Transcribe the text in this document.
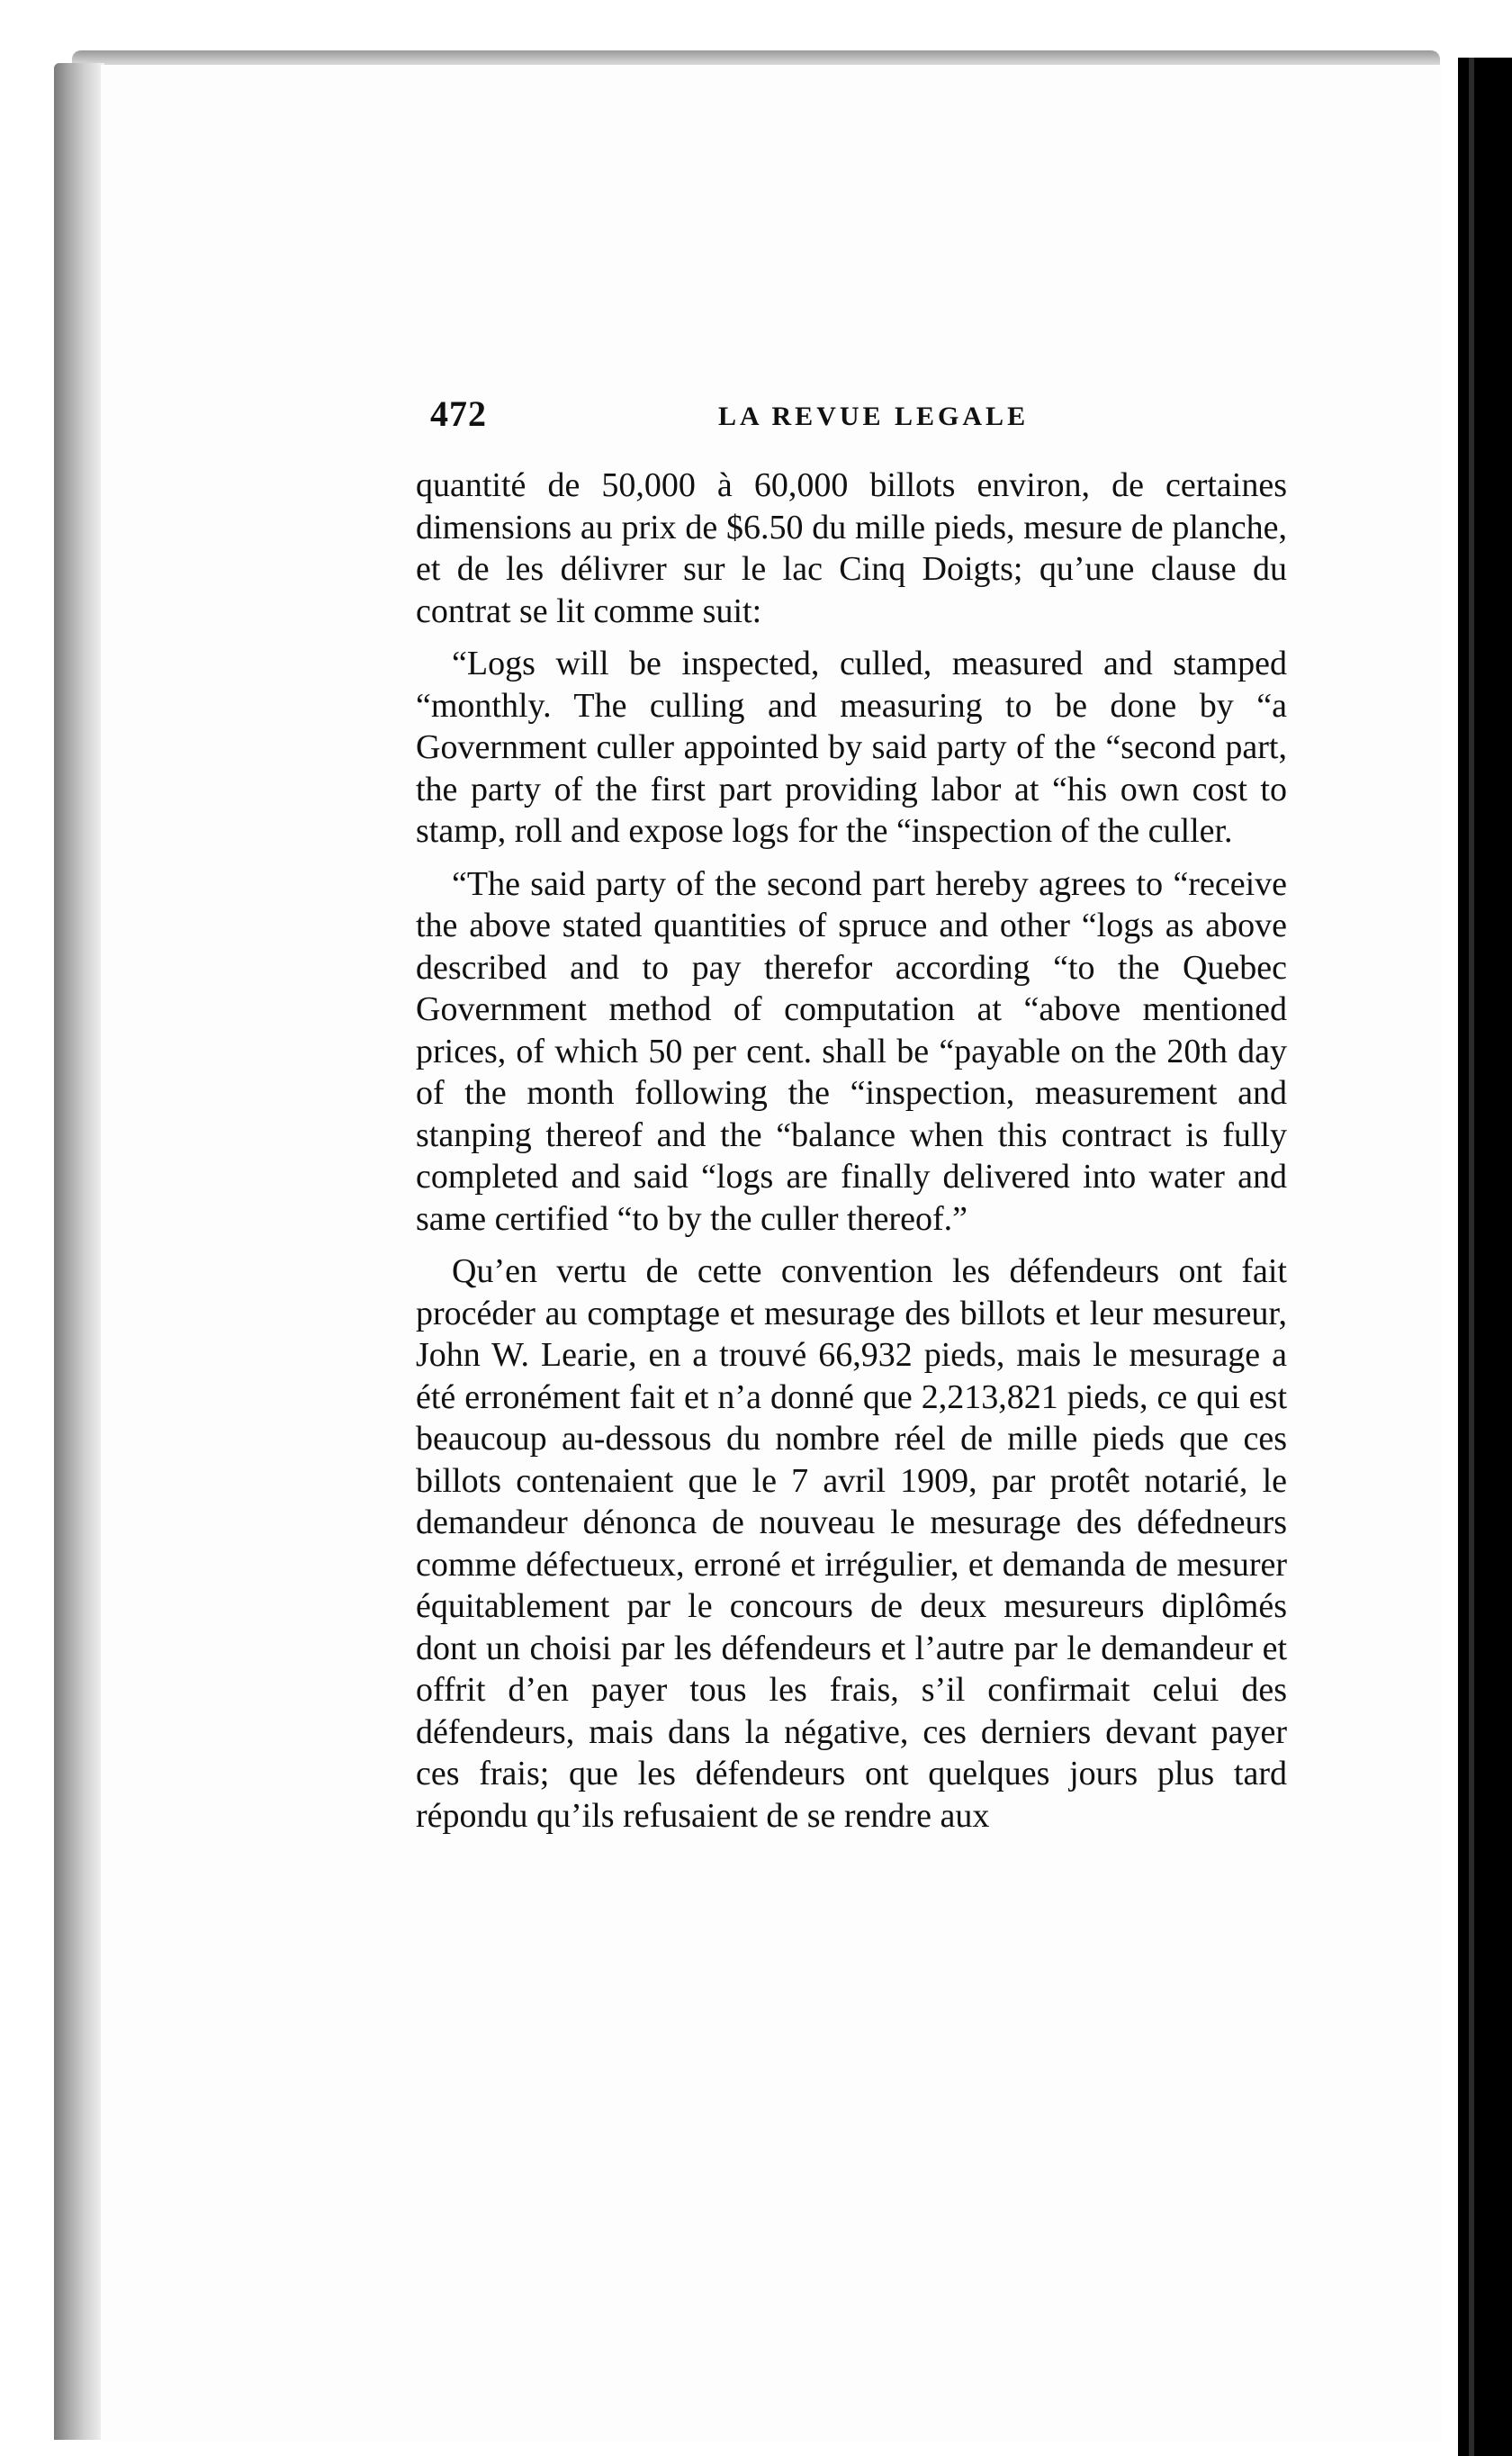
472	LA REVUE LEGALE

quantité de 50,000 à 60,000 billots environ, de certaines dimensions au prix de $6.50 du mille pieds, mesure de planche, et de les délivrer sur le lac Cinq Doigts; qu’une clause du contrat se lit comme suit:

“Logs will be inspected, culled, measured and stamped “monthly. The culling and measuring to be done by “a Government culler appointed by said party of the “second part, the party of the first part providing labor at “his own cost to stamp, roll and expose logs for the “inspection of the culler.

“The said party of the second part hereby agrees to “receive the above stated quantities of spruce and other “logs as above described and to pay therefor according “to the Quebec Government method of computation at “above mentioned prices, of which 50 per cent. shall be “payable on the 20th day of the month following the “inspection, measurement and stanping thereof and the “balance when this contract is fully completed and said “logs are finally delivered into water and same certified “to by the culler thereof.”

Qu’en vertu de cette convention les défendeurs ont fait procéder au comptage et mesurage des billots et leur mesureur, John W. Learie, en a trouvé 66,932 pieds, mais le mesurage a été erronément fait et n’a donné que 2,213,821 pieds, ce qui est beaucoup au-dessous du nombre réel de mille pieds que ces billots contenaient que le 7 avril 1909, par protêt notarié, le demandeur dénonca de nouveau le mesurage des défedneurs comme défectueux, erroné et irrégulier, et demanda de mesurer équitablement par le concours de deux mesureurs diplômés dont un choisi par les défendeurs et l’autre par le demandeur et offrit d’en payer tous les frais, s’il confirmait celui des défendeurs, mais dans la négative, ces derniers devant payer ces frais; que les défendeurs ont quelques jours plus tard répondu qu’ils refusaient de se rendre aux
